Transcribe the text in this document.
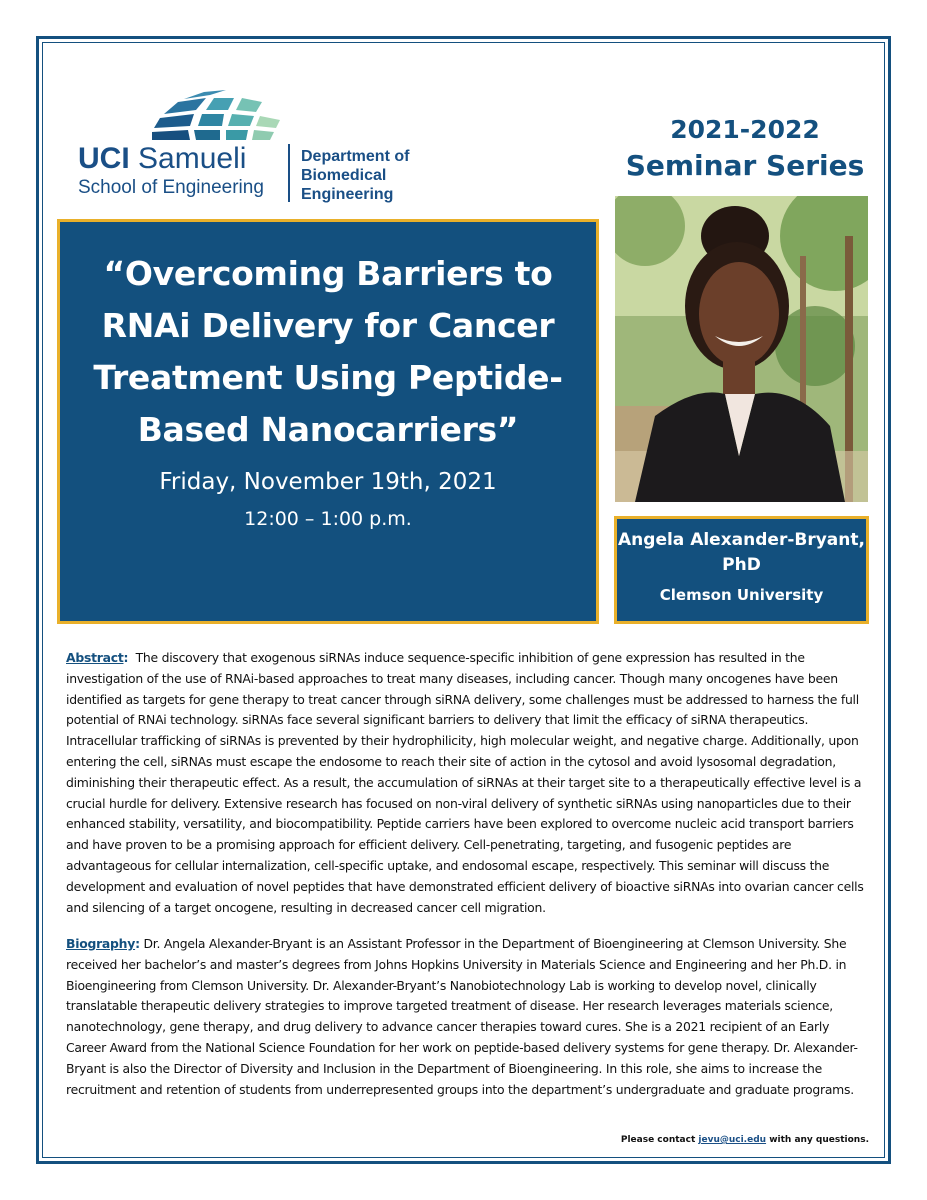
UCI Samueli
School of Engineering
Department of Biomedical Engineering
2021-2022
Seminar Series
“Overcoming Barriers to RNAi Delivery for Cancer Treatment Using Peptide-Based Nanocarriers”
Friday, November 19th, 2021
12:00 – 1:00 p.m.
Angela Alexander-Bryant, PhD
Clemson University
Abstract: The discovery that exogenous siRNAs induce sequence-specific inhibition of gene expression has resulted in the investigation of the use of RNAi-based approaches to treat many diseases, including cancer. Though many oncogenes have been identified as targets for gene therapy to treat cancer through siRNA delivery, some challenges must be addressed to harness the full potential of RNAi technology. siRNAs face several significant barriers to delivery that limit the efficacy of siRNA therapeutics. Intracellular trafficking of siRNAs is prevented by their hydrophilicity, high molecular weight, and negative charge. Additionally, upon entering the cell, siRNAs must escape the endosome to reach their site of action in the cytosol and avoid lysosomal degradation, diminishing their therapeutic effect. As a result, the accumulation of siRNAs at their target site to a therapeutically effective level is a crucial hurdle for delivery. Extensive research has focused on non-viral delivery of synthetic siRNAs using nanoparticles due to their enhanced stability, versatility, and biocompatibility. Peptide carriers have been explored to overcome nucleic acid transport barriers and have proven to be a promising approach for efficient delivery. Cell-penetrating, targeting, and fusogenic peptides are advantageous for cellular internalization, cell-specific uptake, and endosomal escape, respectively. This seminar will discuss the development and evaluation of novel peptides that have demonstrated efficient delivery of bioactive siRNAs into ovarian cancer cells and silencing of a target oncogene, resulting in decreased cancer cell migration.
Biography: Dr. Angela Alexander-Bryant is an Assistant Professor in the Department of Bioengineering at Clemson University. She received her bachelor’s and master’s degrees from Johns Hopkins University in Materials Science and Engineering and her Ph.D. in Bioengineering from Clemson University. Dr. Alexander-Bryant’s Nanobiotechnology Lab is working to develop novel, clinically translatable therapeutic delivery strategies to improve targeted treatment of disease. Her research leverages materials science, nanotechnology, gene therapy, and drug delivery to advance cancer therapies toward cures. She is a 2021 recipient of an Early Career Award from the National Science Foundation for her work on peptide-based delivery systems for gene therapy. Dr. Alexander-Bryant is also the Director of Diversity and Inclusion in the Department of Bioengineering. In this role, she aims to increase the recruitment and retention of students from underrepresented groups into the department’s undergraduate and graduate programs.
Please contact jevu@uci.edu with any questions.
